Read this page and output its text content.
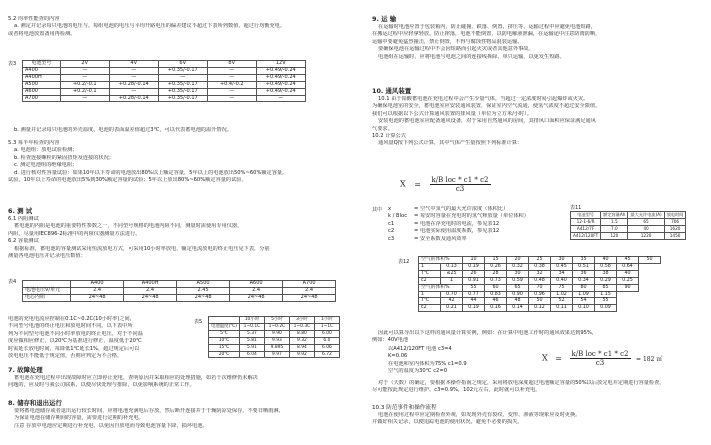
5.2 均率性能查的内容

a. 测定并记录每只电池的电压与。每组电池的电压与平均开路电压的偏差建议不超过下表所列数值，超过行均衡充电。

或者将电池放置备用再检测。

表3	电池型号	2V	4V	6V	8V	12V
A400	—	—	+0.35/-0.17	—	+0.49/-0.24
A400H	—	—	—	—	+0.49/-0.24
A500	+0.2/-0.1	+0.28/-0.14	+0.35/-0.17	+0.4/-0.2	+0.49/-0.24
A600	+0.2/-0.1	—	+0.35/-0.17	—	+0.49/-0.24
A700	—	+0.28/-0.14	+0.35/-0.17	—	—

b. 测量并记录每只电池的外壳温度，电池的表面温差值超过3℃，可以代表蓄电池的温升情况。

5.3 每半年检查的内容

a. 电池组：放电试验检测；

b. 检查连接螺栓的紧固扭矩及连接的状况；

c. 测定电池组的绝缘电阻；

d. 进行核对性容量试验：如果10年以下寿命的电池放出80%以上额定容量，5年以上的电池放出50%~60%额定容量。

试验，10年以上寿命的电池放出5%到30%额定容量的试验；5年以上放出80%~60%额定容量的试验。

6. 测 试

6.1 内阻测试

蓄电池的内阻是电池的重要特性参数之一，不同型号规格的电池内阻不同，测量时需使用专用仪器，

内阻，尽量用IEC896-2标准中的内阻仪器测量方法进行。

6.2 容量测试

根据标准，蓄电池的容量测试采用恒流放电方式，可采用10小时率放电，额定电流放电的终止电压见下表，分别

测量各电池电压并记录电压数值：

表4
		A400	A400H	A500	A600	A700
电池电压V/单元	2.4	2.4	2.45	2.4	2.4
电芯内阻	24~48	24~48	24~48	24~48	24~48

电池的充电电流应控制在0.1C~0.2C(10小时率)之间，

不同型号电池的终止电压和放电时间不同。以下表中所

列为不同型号电池不同小时率放电的终止电压，对于不同温

度应做相应修正，以20℃为基准进行修正，温度低于20℃

时需延长放电时间，每降低1℃延长1%，超过规定后可以

放电电压不能低于规定值，否则应判定为不合格。

表5
		10小时	5小时	3小时	1小时
电池温度(℃)	1~0.1C	1~0.2C	1~0.3C	1~1C
5℃	5.37	9.90	8.80	6.00
10℃	5.81	9.93	9.32	6.0
15℃	5.91	9.895	8.94	6.06
20℃	6.04	9.97	9.92	6.72

7. 故障处理

蓄电池在充电过程中出现故障时应立即停止充电，查明原因并采取相应的处理措施，如若干次维修仍未解决

问题的，应及时与我公司联系，以便尽快处理与排除，以免影响系统的正常工作。

8. 储存和退出运行

要将蓄电池储存或者退出运行较长时间，应将电池充满电后存放，然后断开连接并于干燥阴凉处保存，不要日晒雨淋，

为保证电池在储存期间的容量，需要进行定期的补充电。

注意 存放中电池应定期进行补充电，以免因自放电而导致电池容量下降，损坏电池。

9. 运 输

在运输时电池应置于包装箱内，防止碰撞、跌落、倒置、挤压等，运输过程中应避免电池短路，

在搬运过程中应轻拿轻放，防止摔落，电池不能倒置，以防电解液泄漏，在运输途中注意防雨防晒，

运输中要避免猛烈撞击，禁止倒置，不得与腐蚀性物品混装运输。

要确保电池在运输过程中不会因短路而引起火灾或者其他意外事故。

电池组在运输时，应将电池与电池之间的连接线拆除，单只运输，以免发生短路。

10. 通风装置

10.1 由于铅酸蓄电池在充电过程中会产生少量气体，当超过一定浓度时易引起爆炸或火灾。

为确保电池室的安全，蓄电池室应安装通风装置，保证室内空气流通，使氢气浓度不超过安全限值。

我们可以根据以下公式计算通风装置的排风量（单位为立方米/小时）。

安装电池的蓄电池室应配备通风设备，对于采用自然通风的房间，其排风口面积应保证满足通风

气要求。

10.2 计算公式

通风量Q按下列公式计算，其中气体产生量按照下列标准计算：

$X = \frac{\text{k/B loc * c1 * c2}}{c3}$
其中 x	= 空气中氢气的最大允许浓度（体积比）
k / Bloc = 每安时容量在充电时的氢气释放量（单位体积）
c1	= 电池在浮充电时的电流，参见表12
c2	= 电池实际使用温度系数，参见表12
c3	= 安全系数及通风效率
表11
电池型号	额定容量Ah	最大允许电流(A)	放电时间
12-1-6/R	1.5	65	706
A412/7F	7.0	40	1620
A412/120FT	120	1220	1450
表12 空气的体积%		10	15	20	25	30	35	40	45	50
1	0.13	0.19	0.26	0.32	0.38	0.45	0.51	0.58	0.64	
T℃	≤25	26	28	30	32	34	36	38	40	
c2	1	0.91	0.73	0.59	0.48	0.40	0.34	0.29	0.25	
空气的体积%		55	60	65	70	75	80	85	90	
1	0.70	0.77	0.83	0.90	0.96	1.02	1.09	1.15		
T℃	42	44	46	48	50	52	54	55		
c2	0.21	0.19	0.16	0.14	0.12	0.11	0.10	0.09		

因此可以算导出以下这样的通风量计算实例，例如：在计算中电池工作时的通风效果达到95%，

例如：40V电池

以A412/120FT 电池 c3=4
K=0.06
在电池和室内体积为75% c1=0.9
空气的温度为30℃ c2=0
$X = \frac{\text{k/B loc * c1 * c2}}{c3} = 182$ ㎥

对于（天数）的确定，要根据本操作指南之规定，采用将放电深度超过电池额定容量的50%以后放完电并定期进行容量检查，

尽可能按此规定进行维护，c3=0.9%，102元左右，此时就可以补充电。

10.3 防范事件和操作流程

电池在使用过程中应定期检查外观，如发现外壳有裂纹、变形、渗液等现象应及时更换。

并做好相关记录，以便追踪电池的使用状况，避免不必要的损失。
